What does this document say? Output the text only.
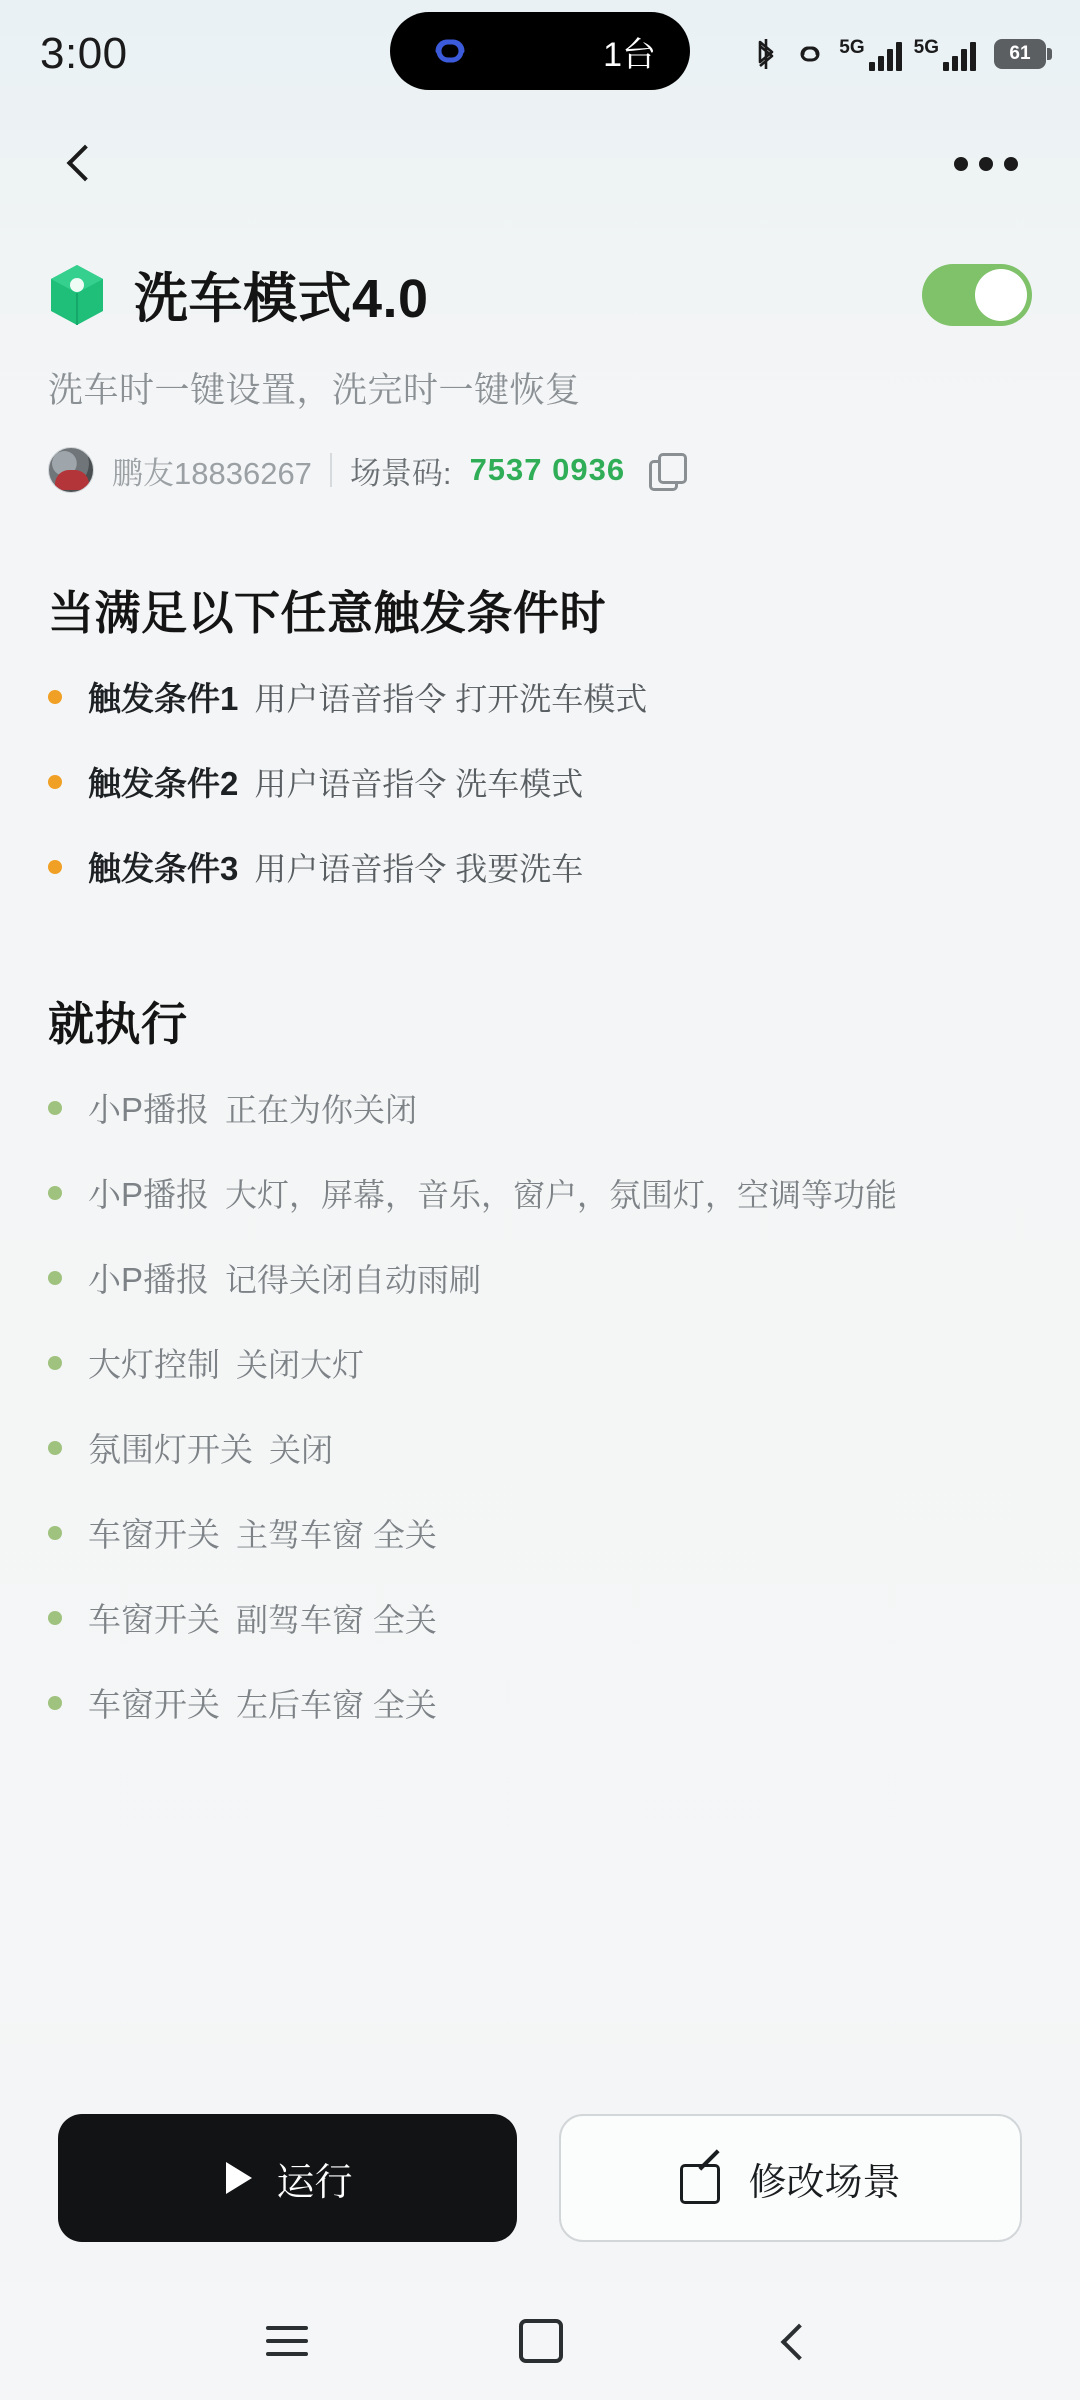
3:00	1台	5G	5G	61
洗车模式4.0
洗车时一键设置，洗完时一键恢复
鹏友18836267 场景码: 7537 0936
当满足以下任意触发条件时
触发条件1 用户语音指令 打开洗车模式
触发条件2 用户语音指令 洗车模式
触发条件3 用户语音指令 我要洗车
就执行
小P播报 正在为你关闭
小P播报 大灯，屏幕，音乐，窗户，氛围灯，空调等功能
小P播报 记得关闭自动雨刷
大灯控制 关闭大灯
氛围灯开关 关闭
车窗开关 主驾车窗 全关
车窗开关 副驾车窗 全关
车窗开关 左后车窗 全关
运行	修改场景
